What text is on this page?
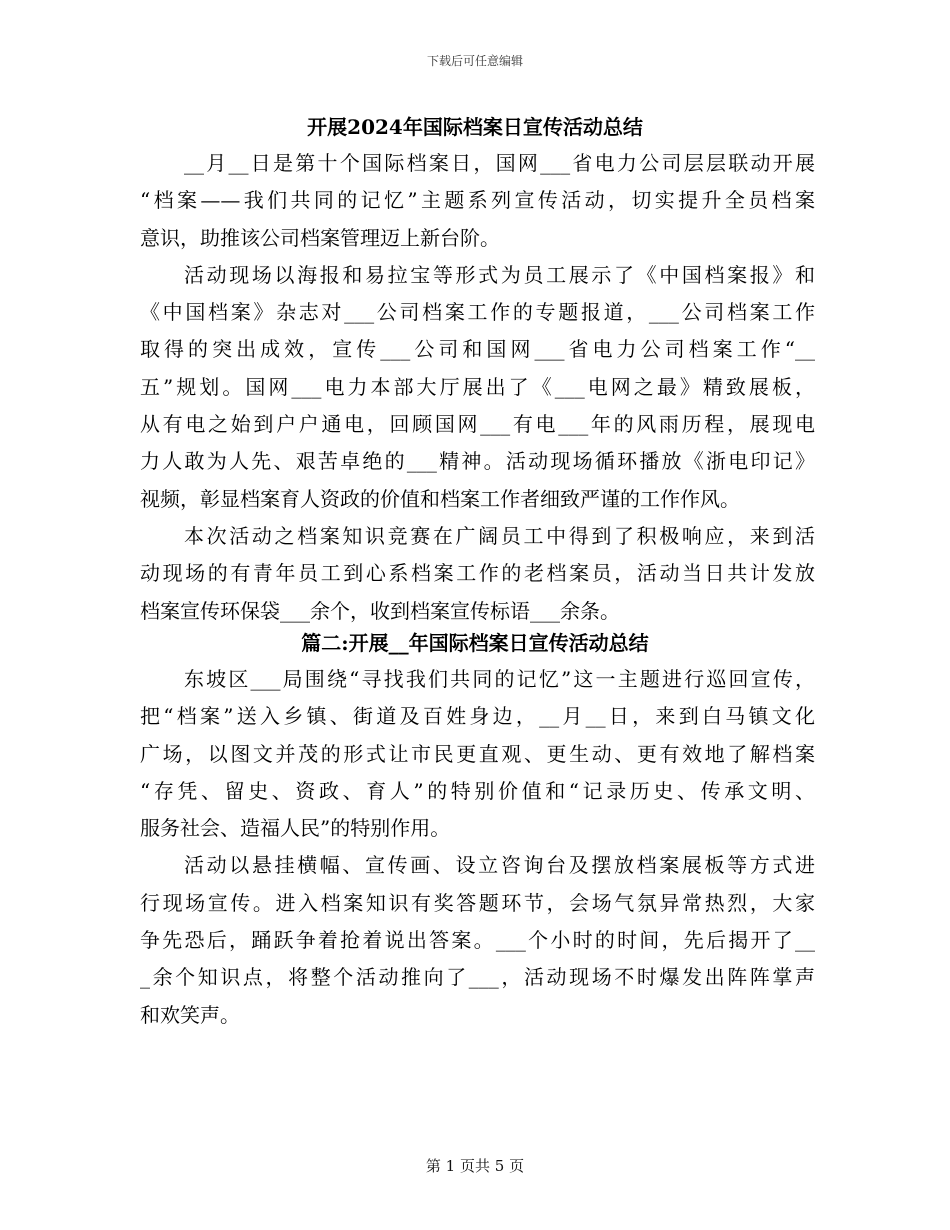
下载后可任意编辑
开展2024年国际档案日宣传活动总结
__月__日是第十个国际档案日，国网___省电力公司层层联动开展
“档案——我们共同的记忆”主题系列宣传活动，切实提升全员档案
意识，助推该公司档案管理迈上新台阶。
活动现场以海报和易拉宝等形式为员工展示了《中国档案报》和
《中国档案》杂志对___公司档案工作的专题报道，___公司档案工作
取得的突出成效，宣传___公司和国网___省电力公司档案工作“__
五”规划。国网___电力本部大厅展出了《___电网之最》精致展板，
从有电之始到户户通电，回顾国网___有电___年的风雨历程，展现电
力人敢为人先、艰苦卓绝的___精神。活动现场循环播放《浙电印记》
视频，彰显档案育人资政的价值和档案工作者细致严谨的工作作风。
本次活动之档案知识竞赛在广阔员工中得到了积极响应，来到活
动现场的有青年员工到心系档案工作的老档案员，活动当日共计发放
档案宣传环保袋___余个，收到档案宣传标语___余条。
篇二:开展__年国际档案日宣传活动总结
东坡区___局围绕“寻找我们共同的记忆”这一主题进行巡回宣传，
把“档案”送入乡镇、街道及百姓身边，__月__日，来到白马镇文化
广场，以图文并茂的形式让市民更直观、更生动、更有效地了解档案
“存凭、留史、资政、育人”的特别价值和“记录历史、传承文明、
服务社会、造福人民”的特别作用。
活动以悬挂横幅、宣传画、设立咨询台及摆放档案展板等方式进
行现场宣传。进入档案知识有奖答题环节，会场气氛异常热烈，大家
争先恐后，踊跃争着抢着说出答案。___个小时的时间，先后揭开了__
_余个知识点，将整个活动推向了___，活动现场不时爆发出阵阵掌声
和欢笑声。
第 1 页共 5 页
